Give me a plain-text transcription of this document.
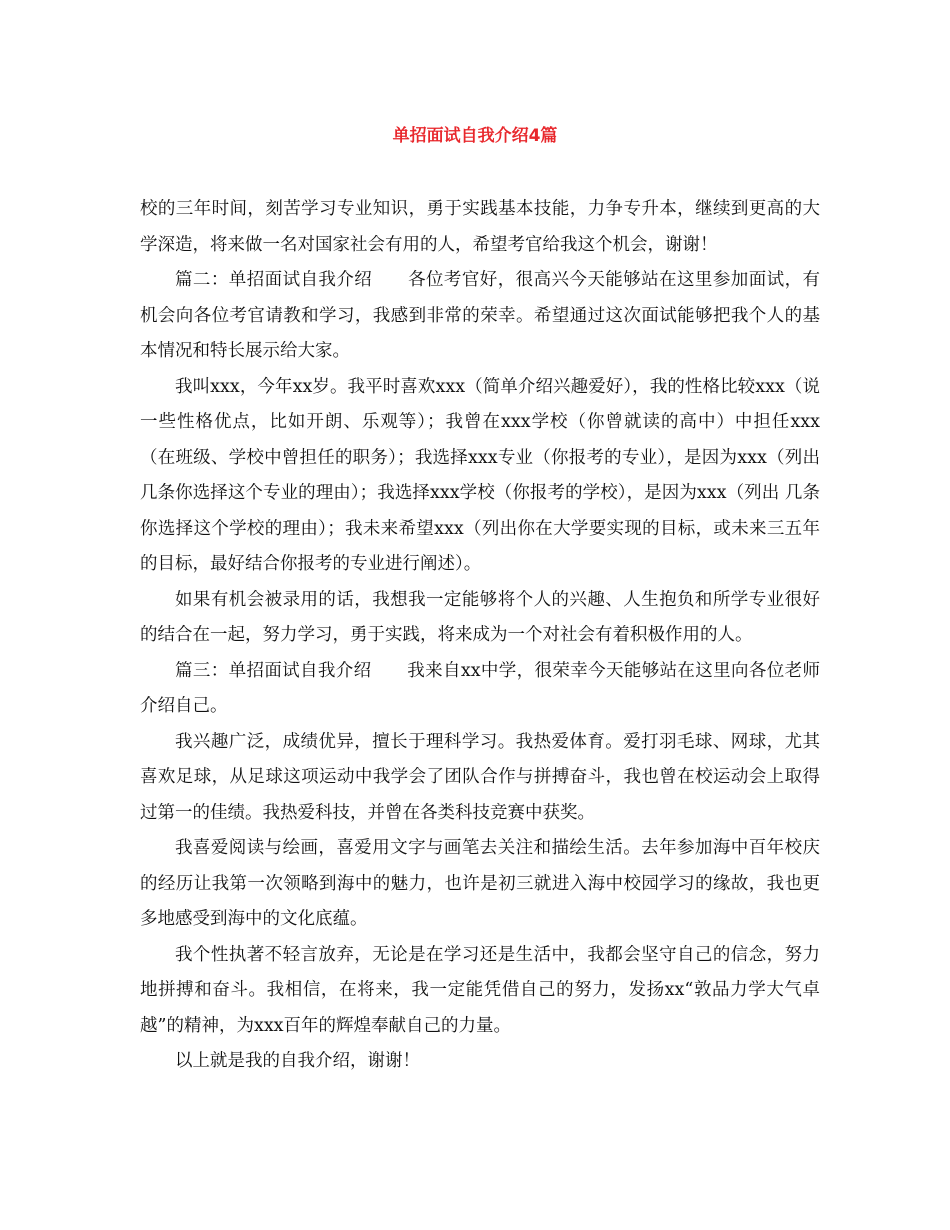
单招面试自我介绍4篇

校的三年时间，刻苦学习专业知识，勇于实践基本技能，力争专升本，继续到更高的大学深造，将来做一名对国家社会有用的人，希望考官给我这个机会，谢谢！

篇二：单招面试自我介绍　　各位考官好，很高兴今天能够站在这里参加面试，有机会向各位考官请教和学习，我感到非常的荣幸。希望通过这次面试能够把我个人的基本情况和特长展示给大家。

我叫xxx，今年xx岁。我平时喜欢xxx（简单介绍兴趣爱好），我的性格比较xxx（说一些性格优点，比如开朗、乐观等）；我曾在xxx学校（你曾就读的高中）中担任xxx（在班级、学校中曾担任的职务）；我选择xxx专业（你报考的专业），是因为xxx（列出几条你选择这个专业的理由）；我选择xxx学校（你报考的学校），是因为xxx（列出 几条你选择这个学校的理由）；我未来希望xxx（列出你在大学要实现的目标，或未来三五年的目标，最好结合你报考的专业进行阐述）。

如果有机会被录用的话，我想我一定能够将个人的兴趣、人生抱负和所学专业很好的结合在一起，努力学习，勇于实践，将来成为一个对社会有着积极作用的人。

篇三：单招面试自我介绍　　我来自xx中学，很荣幸今天能够站在这里向各位老师介绍自己。

我兴趣广泛，成绩优异，擅长于理科学习。我热爱体育。爱打羽毛球、网球，尤其喜欢足球，从足球这项运动中我学会了团队合作与拼搏奋斗，我也曾在校运动会上取得过第一的佳绩。我热爱科技，并曾在各类科技竞赛中获奖。

我喜爱阅读与绘画，喜爱用文字与画笔去关注和描绘生活。去年参加海中百年校庆的经历让我第一次领略到海中的魅力，也许是初三就进入海中校园学习的缘故，我也更多地感受到海中的文化底蕴。

我个性执著不轻言放弃，无论是在学习还是生活中，我都会坚守自己的信念，努力地拼搏和奋斗。我相信，在将来，我一定能凭借自己的努力，发扬xx“敦品力学大气卓越”的精神，为xxx百年的辉煌奉献自己的力量。

以上就是我的自我介绍，谢谢！
